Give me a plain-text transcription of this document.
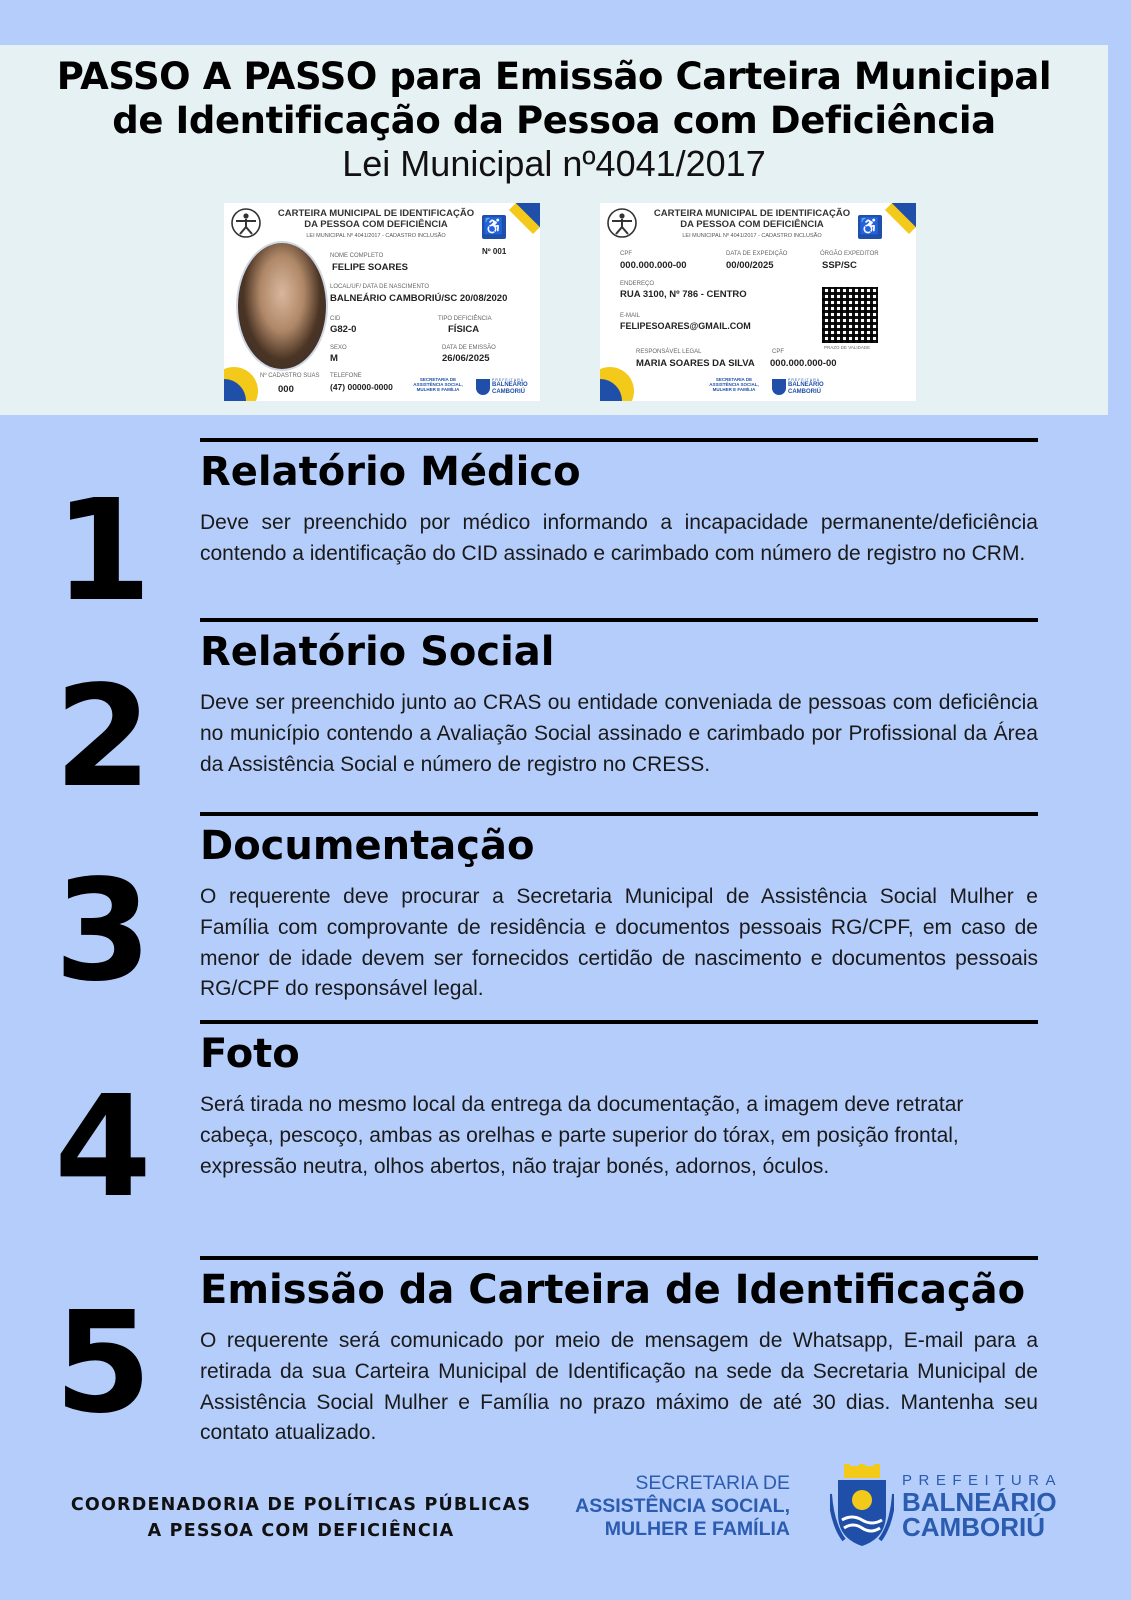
PASSO A PASSO para Emissão Carteira Municipal
de Identificação da Pessoa com Deficiência
Lei Municipal nº4041/2017
CARTEIRA MUNICIPAL DE IDENTIFICAÇÃO
DA PESSOA COM DEFICIÊNCIA
LEI MUNICIPAL Nº 4041/2017 - CADASTRO INCLUSÃO	♿
Nº 001
NOME COMPLETO
FELIPE SOARES
LOCAL/UF/ DATA DE NASCIMENTO
BALNEÁRIO CAMBORIÚ/SC 20/08/2020
CID
G82-0
TIPO DEFICIÊNCIA
FÍSICA
SEXO
M
DATA DE EMISSÃO
26/06/2025
Nº CADASTRO SUAS
000
TELEFONE
(47) 00000-0000
SECRETARIA DE ASSISTÊNCIA SOCIAL, MULHER E FAMÍLIA
PREFEITURA
BALNEÁRIO CAMBORIÚ
CARTEIRA MUNICIPAL DE IDENTIFICAÇÃO
DA PESSOA COM DEFICIÊNCIA
LEI MUNICIPAL Nº 4041/2017 - CADASTRO INCLUSÃO	♿
CPF
000.000.000-00
DATA DE EXPEDIÇÃO
00/00/2025
ÓRGÃO EXPEDITOR
SSP/SC
ENDEREÇO
RUA 3100, Nº 786 - CENTRO
E-MAIL
FELIPESOARES@GMAIL.COM
PRAZO DE VALIDADE
RESPONSÁVEL LEGAL
MARIA SOARES DA SILVA
CPF
000.000.000-00
SECRETARIA DE ASSISTÊNCIA SOCIAL, MULHER E FAMÍLIA
PREFEITURA
BALNEÁRIO CAMBORIÚ
1 Relatório Médico
Deve ser preenchido por médico informando a incapacidade permanente/deficiência contendo a identificação do CID assinado e carimbado com número de registro no CRM.
2
Relatório Social
Deve ser preenchido junto ao CRAS ou entidade conveniada de pessoas com deficiência no município contendo a Avaliação Social assinado e carimbado por Profissional da Área da Assistência Social e número de registro no CRESS.
3
Documentação
O requerente deve procurar a Secretaria Municipal de Assistência Social Mulher e Família com comprovante de residência e documentos pessoais RG/CPF, em caso de menor de idade devem ser fornecidos certidão de nascimento e documentos pessoais RG/CPF do responsável legal.
4
Foto
Será tirada no mesmo local da entrega da documentação, a imagem deve retratar cabeça, pescoço, ambas as orelhas e parte superior do tórax, em posição frontal, expressão neutra, olhos abertos, não trajar bonés, adornos, óculos.
5 Emissão da Carteira de Identificação
O requerente será comunicado por meio de mensagem de Whatsapp, E-mail para a retirada da sua Carteira Municipal de Identificação na sede da Secretaria Municipal de Assistência Social Mulher e Família no prazo máximo de até 30 dias. Mantenha seu contato atualizado.
COORDENADORIA DE POLÍTICAS PÚBLICAS
A PESSOA COM DEFICIÊNCIA
SECRETARIA DE
ASSISTÊNCIA SOCIAL,
MULHER E FAMÍLIA
PREFEITURA
BALNEÁRIO
CAMBORIÚ
